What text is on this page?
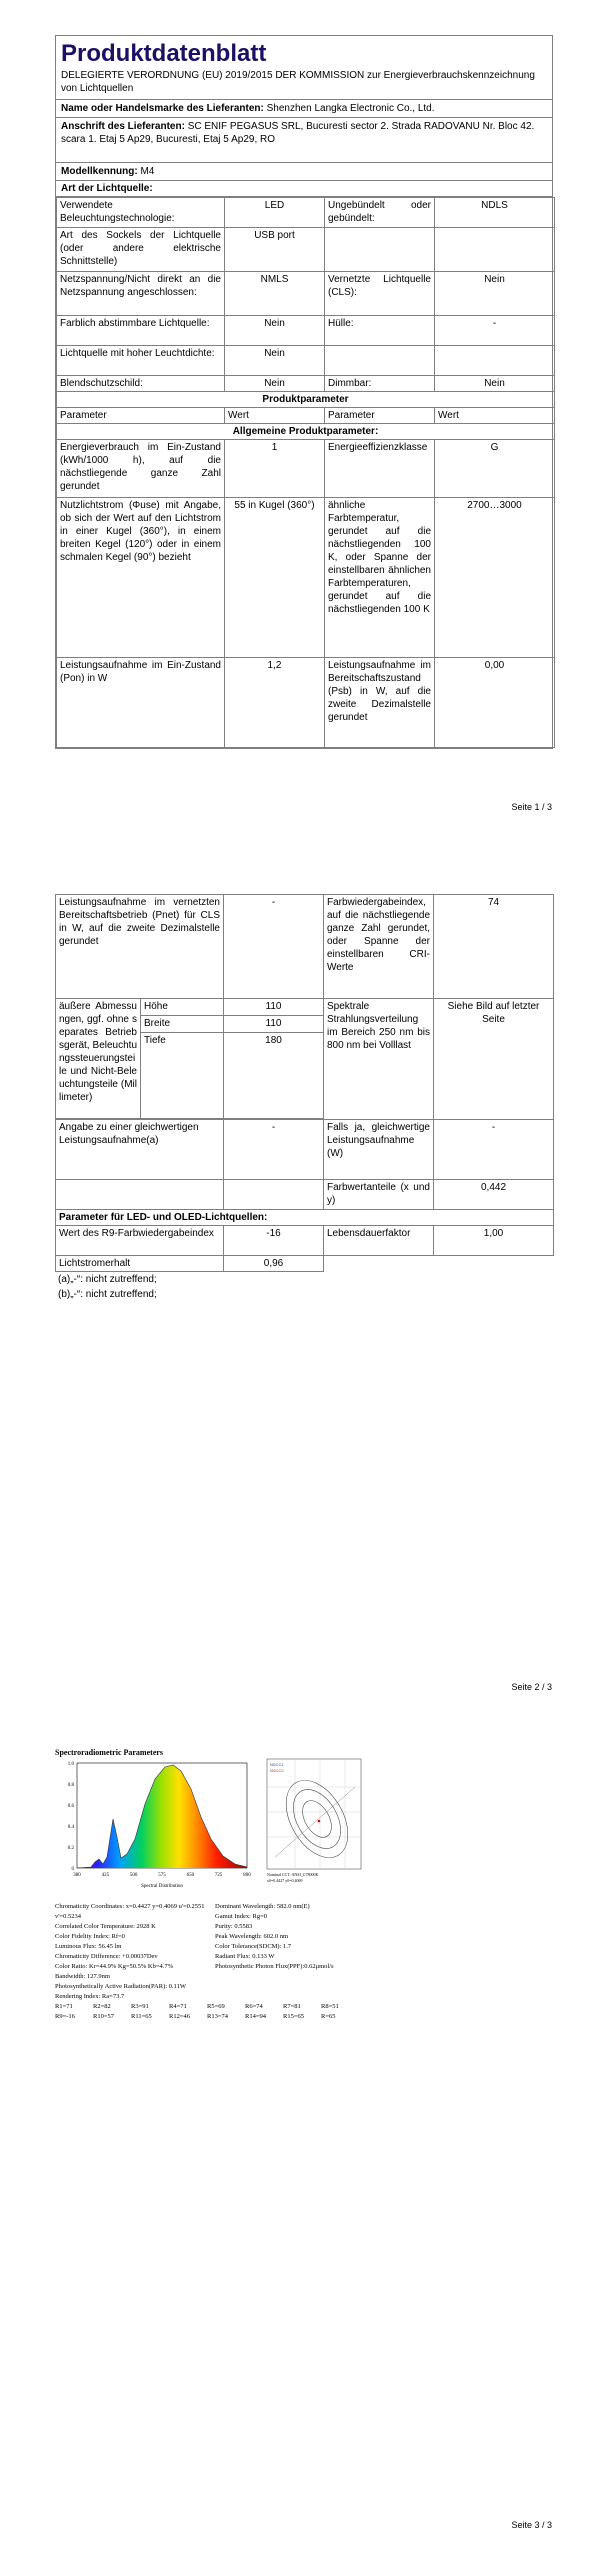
Produktdatenblatt
DELEGIERTE VERORDNUNG (EU) 2019/2015 DER KOMMISSION zur Energieverbrauchskennzeichnung von Lichtquellen
Name oder Handelsmarke des Lieferanten: Shenzhen Langka Electronic Co., Ltd.
Anschrift des Lieferanten: SC ENIF PEGASUS SRL, Bucuresti sector 2. Strada RADOVANU Nr. Bloc 42. scara 1. Etaj 5 Ap29, Bucuresti, Etaj 5 Ap29, RO
Modellkennung: M4
Art der Lichtquelle:
Verwendete Beleuchtungstechnologie:	LED	Ungebündelt oder gebündelt:	NDLS
Art des Sockels der Lichtquelle (oder andere elektrische Schnittstelle)	USB port		
Netzspannung/Nicht direkt an die Netzspannung angeschlossen:	NMLS	Vernetzte Lichtquelle (CLS):	Nein
Farblich abstimmbare Lichtquelle:	Nein	Hülle:	-
Lichtquelle mit hoher Leuchtdichte:	Nein		
Blendschutzschild:	Nein	Dimmbar:	Nein
Produktparameter			
Parameter	Wert	Parameter	Wert
Allgemeine Produktparameter:			
Energieverbrauch im Ein-Zustand (kWh/1000 h), auf die nächstliegende ganze Zahl gerundet	1	Energieeffizienzklasse	G
Nutzlichtstrom (Φuse) mit Angabe, ob sich der Wert auf den Lichtstrom in einer Kugel (360°), in einem breiten Kegel (120°) oder in einem schmalen Kegel (90°) bezieht	55 in Kugel (360°)	ähnliche Farbtemperatur, gerundet auf die nächstliegenden 100 K, oder Spanne der einstellbaren ähnlichen Farbtemperaturen, gerundet auf die nächstliegenden 100 K	2700…3000
Leistungsaufnahme im Ein-Zustand (Pon) in W	1,2	Leistungsaufnahme im Bereitschaftszustand (Psb) in W, auf die zweite Dezimalstelle gerundet	0,00
Seite 1 / 3
Leistungsaufnahme im vernetzten Bereitschaftsbetrieb (Pnet) für CLS in W, auf die zweite Dezimalstelle gerundet		-	Farbwiedergabeindex, auf die nächstliegende ganze Zahl gerundet, oder Spanne der einstellbaren CRI-Werte	74
äußere Abmessungen, ggf. ohne separates Betriebsgerät, Beleuchtungssteuerungsteile und Nicht-Beleuchtungsteile (Millimeter)	Höhe	110	Spektrale Strahlungsverteilung im Bereich 250 nm bis 800 nm bei Volllast	Siehe Bild auf letzter Seite
	Breite	110		
	Tiefe	180		

Angabe zu einer gleichwertigen Leistungsaufnahme(a)		-	Falls ja, gleichwertige Leistungsaufnahme (W)	-
			Farbwertanteile (x und y)	0,442
Parameter für LED- und OLED-Lichtquellen:				
Wert des R9-Farbwiedergabeindex		-16	Lebensdauerfaktor	1,00
Lichtstromerhalt		0,96		
(a)„-“: nicht zutreffend;
(b)„-“: nicht zutreffend;
Seite 2 / 3
Spectroradiometric Parameters
1.0
0.8
0.6
0.4
0.2
0
380	425	500	575	650	725	800
Spectral Distribution
NSCC1
NSCC2
Nominal CCT: ANSI_C78000K
x0=0.4427 y0=0.4069
Chromaticity Coordinates: x=0.4427 y=0.4069 u'=0.2551 v'=0.5234
Correlated Color Temperature: 2928 K
Color Fidelity Index: Rf=0
Luminous Flux: 56.45 lm
Chromaticity Difference: +0.00037Dev
Color Ratio: Kr=44.9% Kg=50.5% Kb=4.7%
Bandwidth: 127.9nm
Photosynthetically Active Radiation(PAR): 0.11W
Rendering Index: Ra=73.7
Dominant Wavelength: 582.0 nm(E)
Gamut Index: Rg=0
Purity: 0.5583
Peak Wavelength: 602.0 nm
Color Tolerance(SDCM): 1.7
Radiant Flux: 0.133 W
Photosynthetic Photon Flux(PPF):0.62μmol/s
R1=71	R2=82	R3=91	R4=71	R5=69	R6=74	R7=81	R8=51
R9=-16	R10=57	R11=65	R12=46	R13=74	R14=94	R15=65	R=65
Seite 3 / 3
